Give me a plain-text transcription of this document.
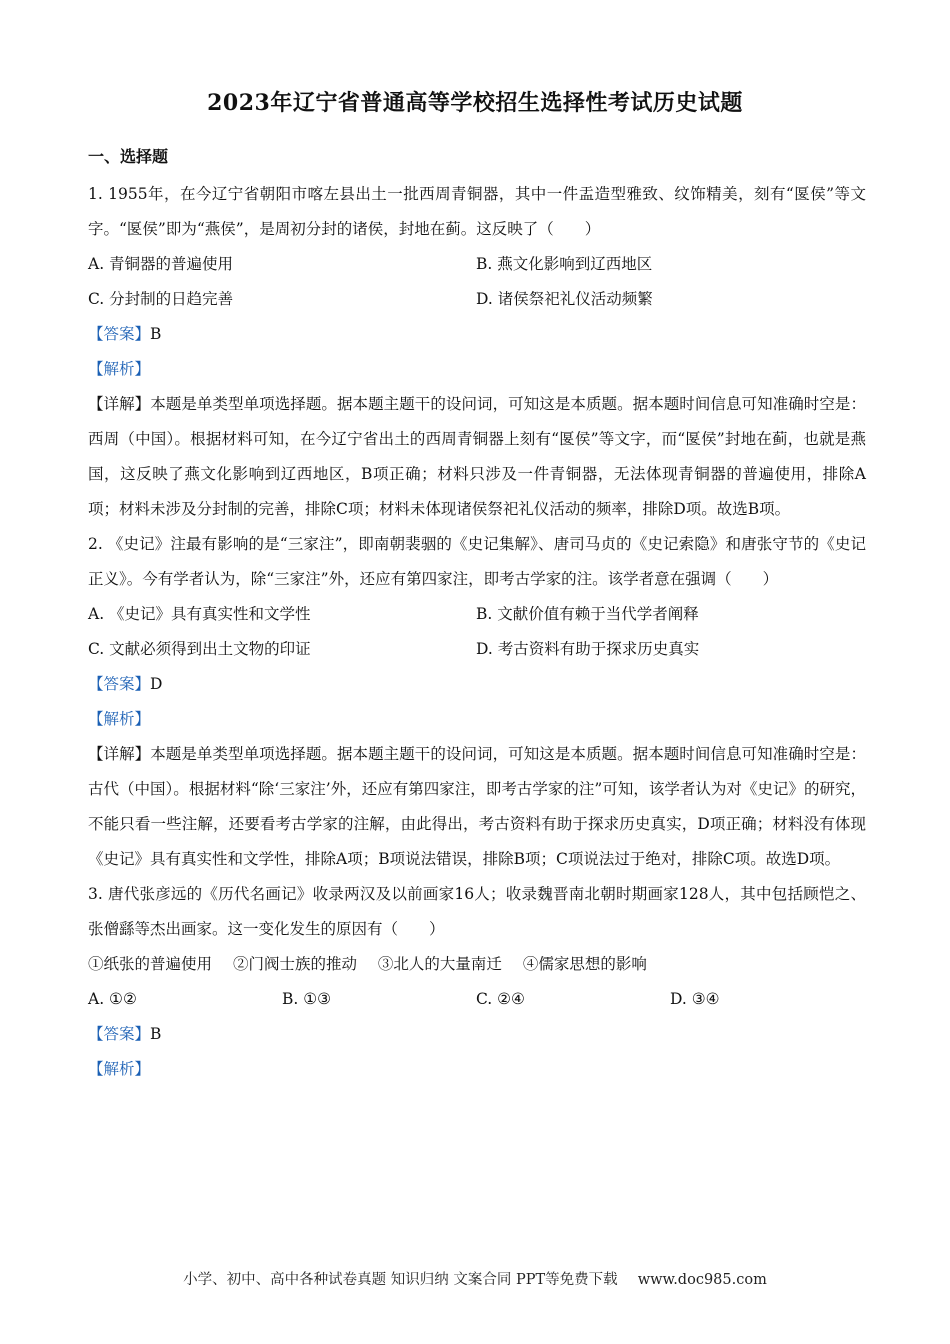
2023年辽宁省普通高等学校招生选择性考试历史试题
一、选择题

1. 1955年，在今辽宁省朝阳市喀左县出土一批西周青铜器，其中一件盂造型雅致、纹饰精美，刻有“匽侯”等文字。“匽侯”即为“燕侯”，是周初分封的诸侯，封地在蓟。这反映了（　　）

A. 青铜器的普遍使用	B. 燕文化影响到辽西地区
C. 分封制的日趋完善	D. 诸侯祭祀礼仪活动频繁

【答案】B

【解析】

【详解】本题是单类型单项选择题。据本题主题干的设问词，可知这是本质题。据本题时间信息可知准确时空是：西周（中国）。根据材料可知，在今辽宁省出土的西周青铜器上刻有“匽侯”等文字，而“匽侯”封地在蓟，也就是燕国，这反映了燕文化影响到辽西地区，B项正确；材料只涉及一件青铜器，无法体现青铜器的普遍使用，排除A项；材料未涉及分封制的完善，排除C项；材料未体现诸侯祭祀礼仪活动的频率，排除D项。故选B项。

2. 《史记》注最有影响的是“三家注”，即南朝裴骃的《史记集解》、唐司马贞的《史记索隐》和唐张守节的《史记正义》。今有学者认为，除“三家注”外，还应有第四家注，即考古学家的注。该学者意在强调（　　）

A. 《史记》具有真实性和文学性	B. 文献价值有赖于当代学者阐释
C. 文献必须得到出土文物的印证	D. 考古资料有助于探求历史真实

【答案】D

【解析】

【详解】本题是单类型单项选择题。据本题主题干的设问词，可知这是本质题。据本题时间信息可知准确时空是：古代（中国）。根据材料“除‘三家注’外，还应有第四家注，即考古学家的注”可知，该学者认为对《史记》的研究，不能只看一些注解，还要看考古学家的注解，由此得出，考古资料有助于探求历史真实，D项正确；材料没有体现《史记》具有真实性和文学性，排除A项；B项说法错误，排除B项；C项说法过于绝对，排除C项。故选D项。

3. 唐代张彦远的《历代名画记》收录两汉及以前画家16人；收录魏晋南北朝时期画家128人，其中包括顾恺之、张僧繇等杰出画家。这一变化发生的原因有（　　）

①纸张的普遍使用 ②门阀士族的推动 ③北人的大量南迁 ④儒家思想的影响

A. ①②	B. ①③	C. ②④	D. ③④

【答案】B

【解析】

小学、初中、高中各种试卷真题 知识归纳 文案合同 PPT等免费下载 www.doc985.com
